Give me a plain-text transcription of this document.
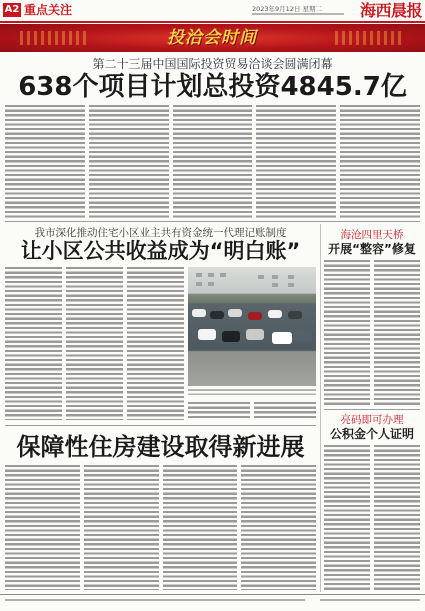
A2 重点关注	2023年9月12日 星期二	海西晨报
投洽会时间
第二十三届中国国际投资贸易洽谈会圆满闭幕
638个项目计划总投资4845.7亿
我市深化推动住宅小区业主共有资金统一代理记账制度
让小区公共收益成为“明白账”
保障性住房建设取得新进展
海沧四里天桥
开展“整容”修复
亮码即可办理
公积金个人证明
